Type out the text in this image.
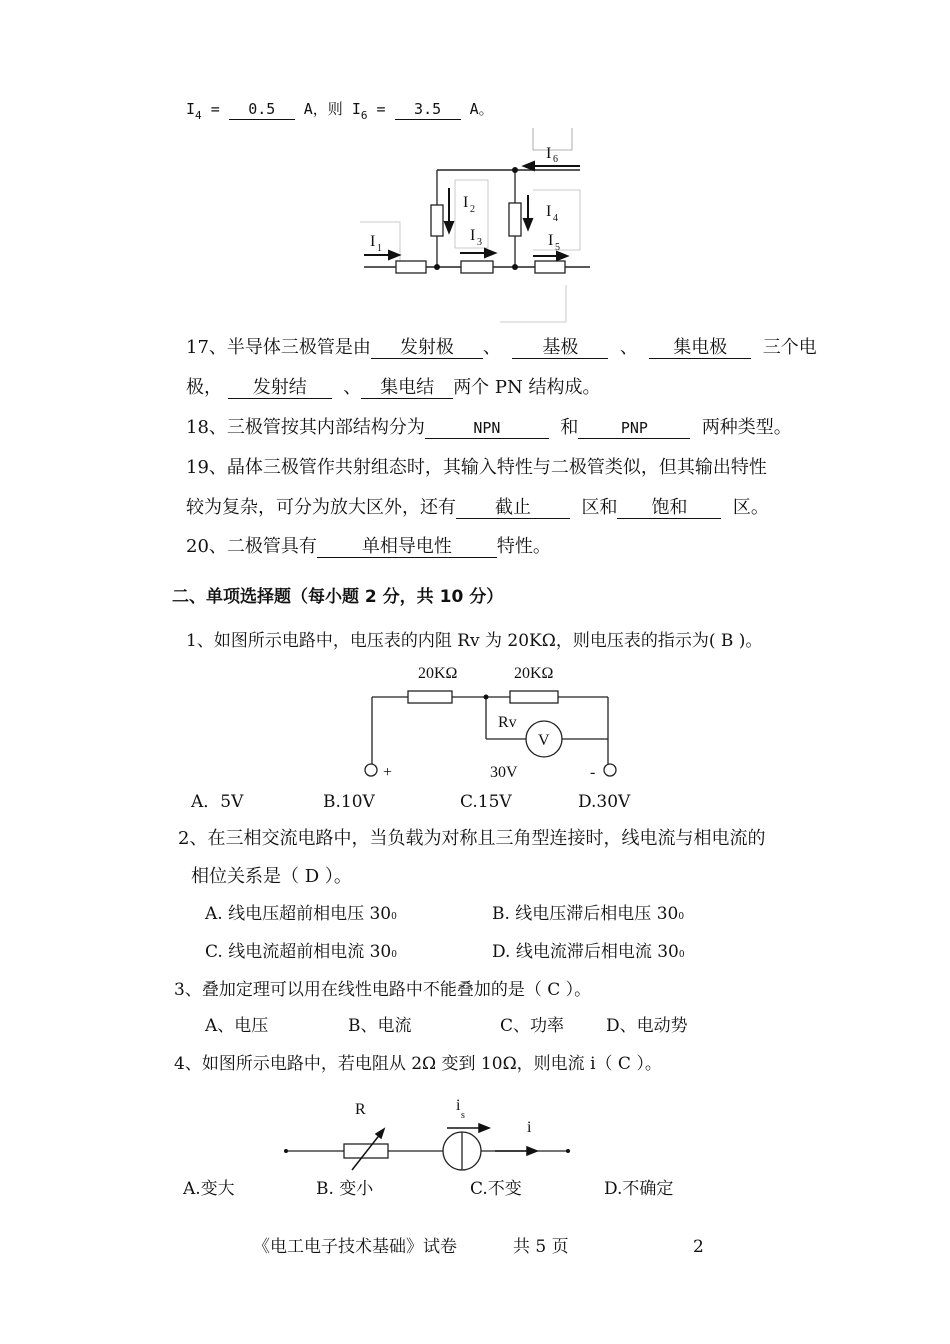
$I_4 = 0.5$ A，则 $I_6 = 3.5$ A。
I 6
I 2	I 4
I 3	I 5
I 1
17、半导体三极管是由 发射极 、 基极 、 集电极 三个电
极， 发射结 、 集电结 两个 PN 结构成。
18、三极管按其内部结构分为	NPN	和	PNP	两种类型。
19、晶体三极管作共射组态时，其输入特性与二极管类似，但其输出特性
较为复杂，可分为放大区外，还有 截止	区和 饱和	区。
20、二极管具有	单相导电性	特性。
二、单项选择题（每小题 2 分，共 10 分）
1、如图所示电路中，电压表的内阻 Rv 为 20KΩ，则电压表的指示为( B )。
20KΩ	20KΩ
Rv
V
+	-
30V
A．5V	B.10V	C.15V	D.30V
2、在三相交流电路中，当负载为对称且三角型连接时，线电流与相电流的
相位关系是（ D ）。
A. 线电压超前相电压 300	B. 线电压滞后相电压 300
C. 线电流超前相电流 300	D. 线电流滞后相电流 300
3、叠加定理可以用在线性电路中不能叠加的是（ C ）。
A、电压	B、电流	C、功率 D、电动势
4、如图所示电路中，若电阻从 2Ω 变到 10Ω，则电流 i（ C ）。
R	i
s
i
A.变大	B. 变小	C.不变	D.不确定
《电工电子技术基础》试卷	共 5 页	2
